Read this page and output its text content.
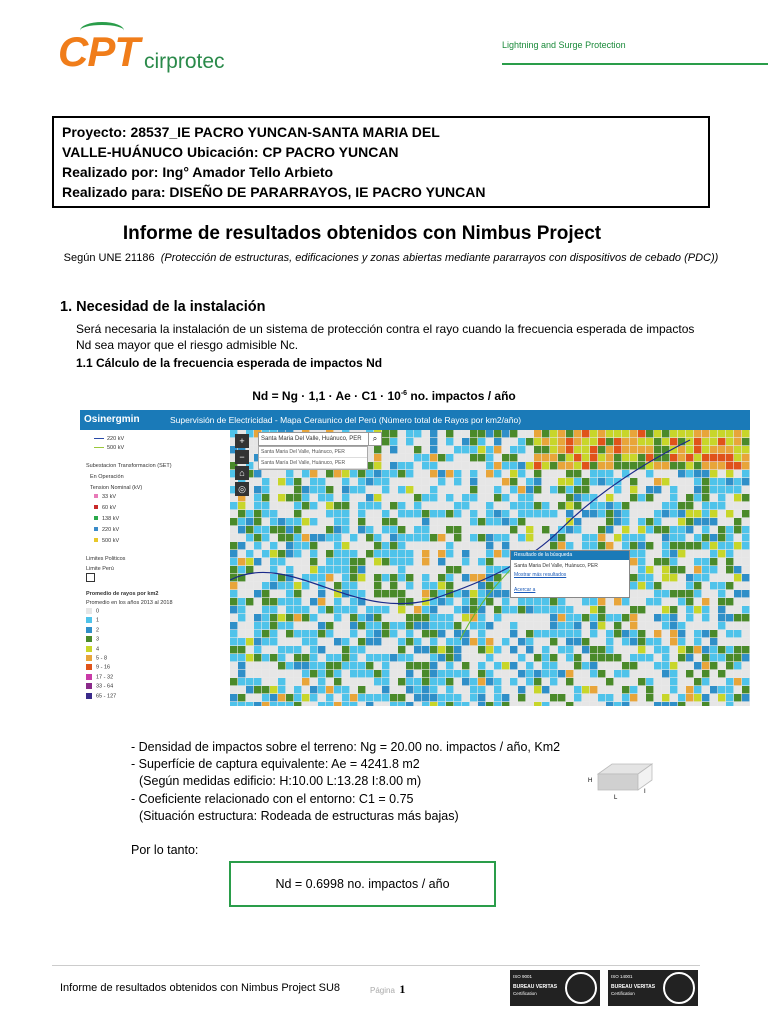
CPT cirprotec
Lightning and Surge Protection
Proyecto: 28537_IE PACRO YUNCAN-SANTA MARIA DEL
VALLE-HUÁNUCO Ubicación: CP PACRO YUNCAN
Realizado por: Ing° Amador Tello Arbieto
Realizado para: DISEÑO DE PARARRAYOS, IE PACRO YUNCAN
Informe de resultados obtenidos con Nimbus Project
Según UNE 21186 (Protección de estructuras, edificaciones y zonas abiertas mediante pararrayos con dispositivos de cebado (PDC))
1. Necesidad de la instalación
Será necesaria la instalación de un sistema de protección contra el rayo cuando la frecuencia esperada de impactos Nd sea mayor que el riesgo admisible Nc.
1.1 Cálculo de la frecuencia esperada de impactos Nd
$Nd = Ng \cdot 1,1 \cdot Ae \cdot C1 \cdot 10^{-6}$ no. impactos / año
Osinergmin	Supervisión de Electricidad - Mapa Ceraunico del Perú (Número total de Rayos por km2/año)
220 kV
500 kV
Subestacion Transformacion (SET)
En Operación
Tension Nominal (kV)
33 kV
60 kV
138 kV
220 kV
500 kV
Limites Politicos
Limite Perú
Promedio de rayos por km2
Promedio en los años 2013 al 2018
0
1
2
3
4
5 - 8
9 - 16
17 - 32
33 - 64
65 - 127
+
−
⌂
◎
Santa Maria Del Valle, Huánuco, PER	⌕
Santa Maria Del Valle, Huánuco, PER
Santa María Del Valle, Huánuco, PER
Resultado de la búsqueda
Santa Maria Del Valle, Huánuco, PER
Mostrar más resultados
Acercar a
- Densidad de impactos sobre el terreno: Ng = 20.00 no. impactos / año, Km2
- Superfície de captura equivalente: Ae = 4241.8 m2
(Según medidas edificio: H:10.00 L:13.28 I:8.00 m)
- Coeficiente relacionado con el entorno: C1 = 0.75
(Situación estructura: Rodeada de estructuras más bajas)
H
L
I
Por lo tanto:
Nd = 0.6998 no. impactos / año
Informe de resultados obtenidos con Nimbus Project SU8	Página 1
ISO 9001
BUREAU VERITAS
Certification
ISO 14001
BUREAU VERITAS
Certification
